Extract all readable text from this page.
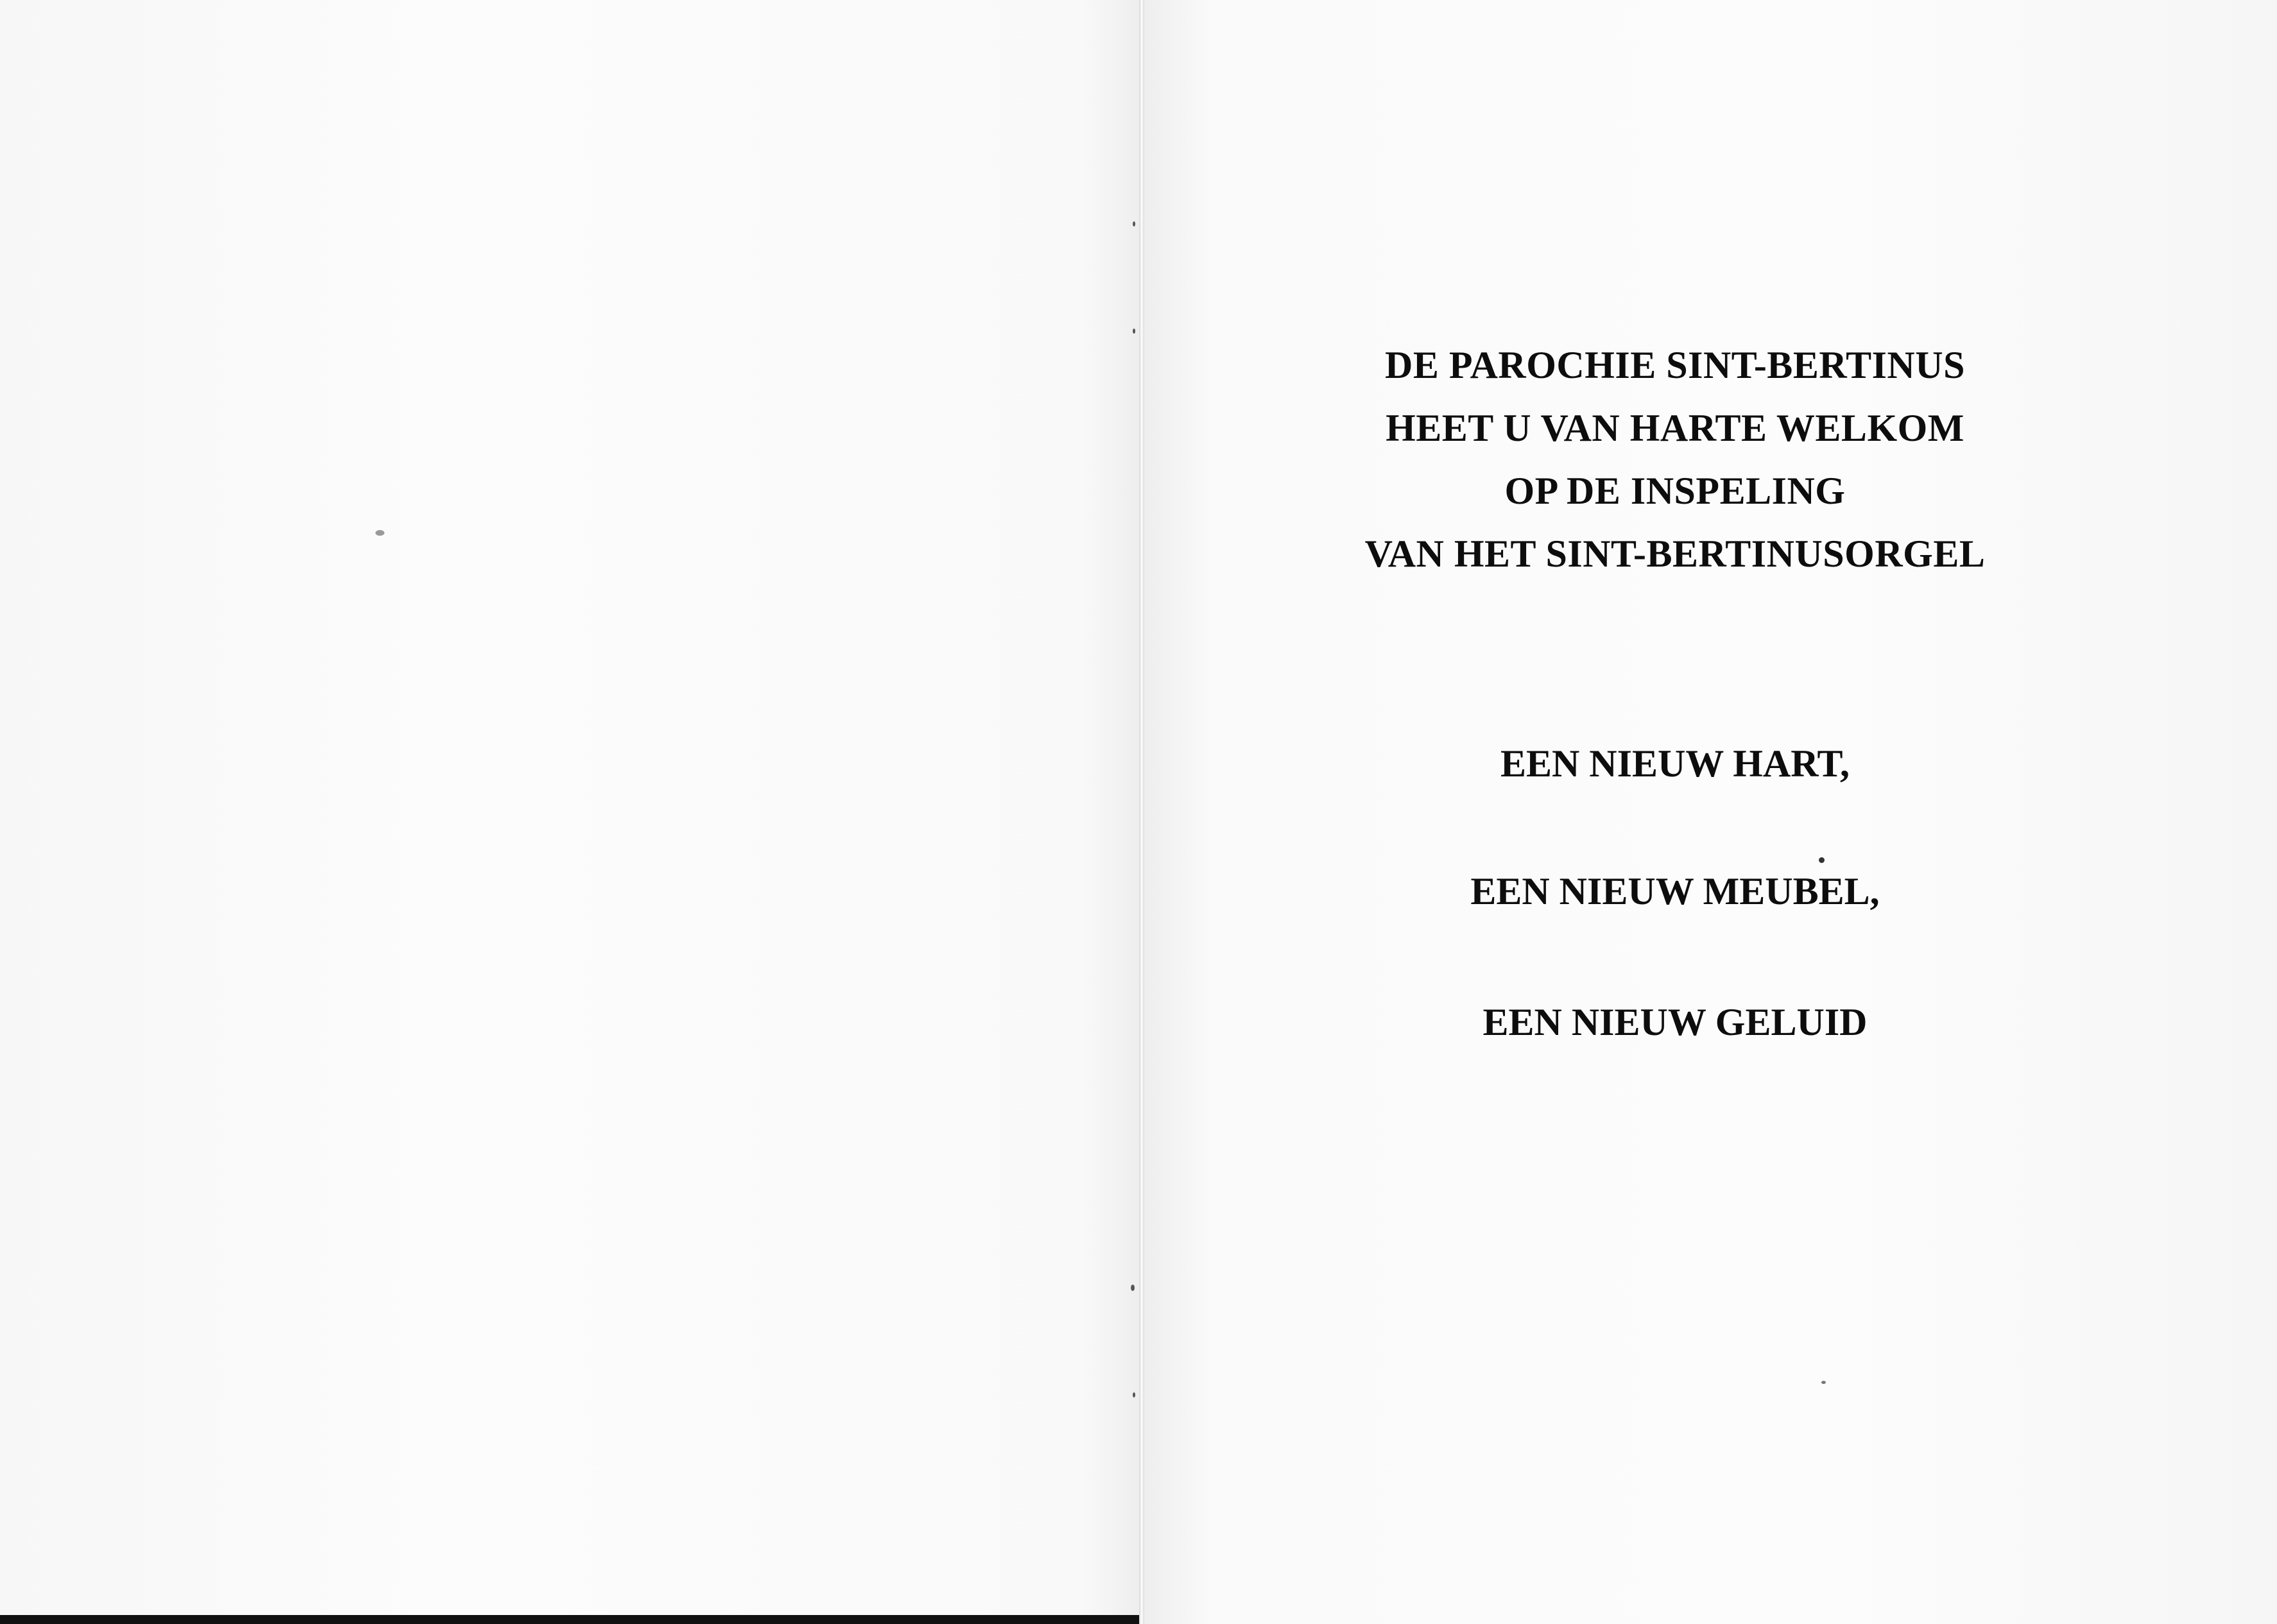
DE PAROCHIE SINT-BERTINUS
HEET U VAN HARTE WELKOM
OP DE INSPELING
VAN HET SINT-BERTINUSORGEL
EEN NIEUW HART,
EEN NIEUW MEUBEL,
EEN NIEUW GELUID
